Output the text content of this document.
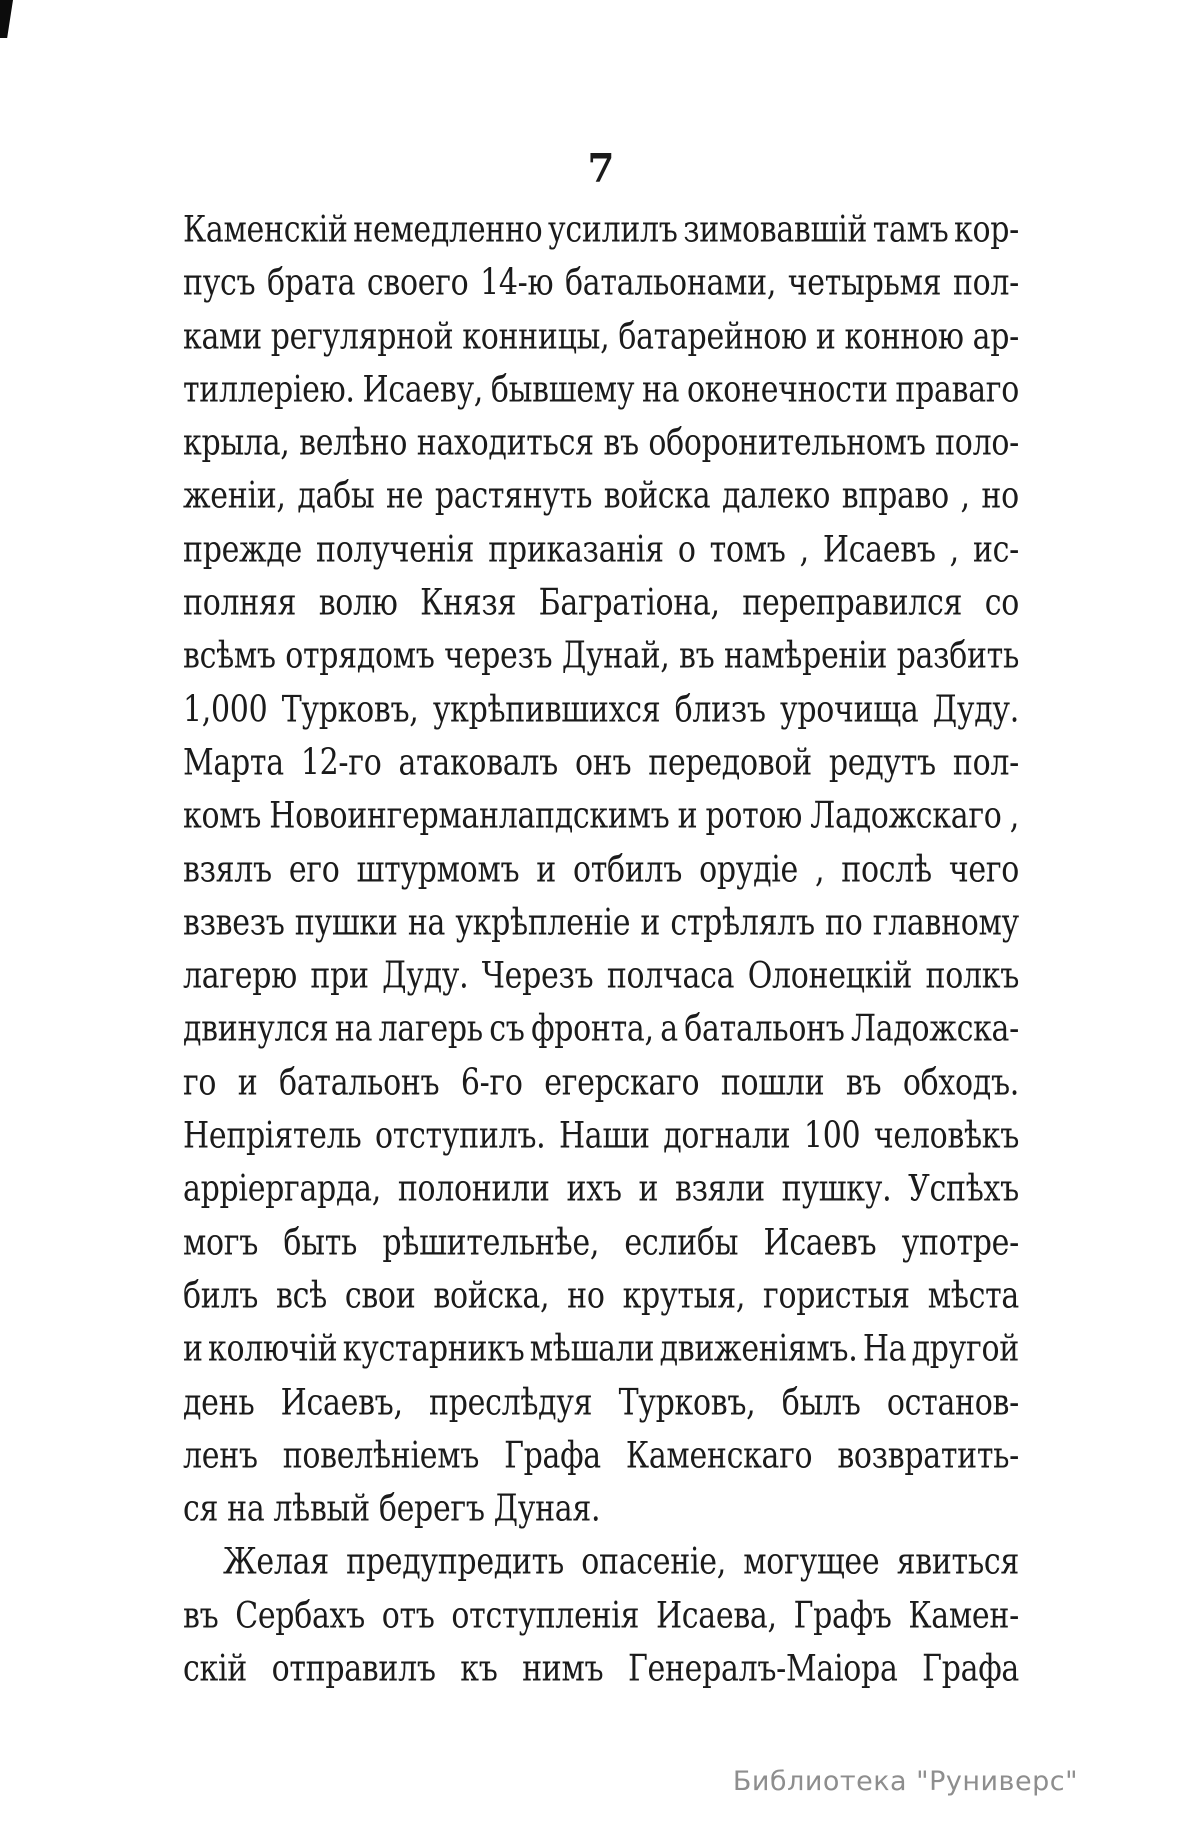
7
Каменскій немедленно усилилъ зимовавшій тамъ кор-
пусъ брата своего 14-ю батальонами, четырьмя пол-
ками регулярной конницы, батарейною и конною ар-
тиллеріею. Исаеву, бывшему на оконечности праваго
крыла, велѣно находиться въ оборонительномъ поло-
женіи, дабы не растянуть войска далеко вправо , но
прежде полученія приказанія о томъ , Исаевъ , ис-
полняя волю Князя Багратіона, переправился со
всѣмъ отрядомъ черезъ Дунай, въ намѣреніи разбить
1,000 Турковъ, укрѣпившихся близъ урочища Дуду.
Марта 12-го атаковалъ онъ передовой редутъ пол-
комъ Новоингерманлапдскимъ и ротою Ладожскаго ,
взялъ его штурмомъ и отбилъ орудіе , послѣ чего
взвезъ пушки на укрѣпленіе и стрѣлялъ по главному
лагерю при Дуду. Черезъ полчаса Олонецкій полкъ
двинулся на лагерь съ фронта, а батальонъ Ладожска-
го и батальонъ 6-го егерскаго пошли въ обходъ.
Непріятель отступилъ. Наши догнали 100 человѣкъ
арріергарда, полонили ихъ и взяли пушку. Успѣхъ
могъ быть рѣшительнѣе, еслибы Исаевъ употре-
билъ всѣ свои войска, но крутыя, гористыя мѣста
и колючій кустарникъ мѣшали движеніямъ. На другой
день Исаевъ, преслѣдуя Турковъ, былъ останов-
ленъ повелѣніемъ Графа Каменскаго возвратить-
ся на лѣвый берегъ Дуная.
Желая предупредить опасеніе, могущее явиться
въ Сербахъ отъ отступленія Исаева, Графъ Камен-
скій отправилъ къ нимъ Генералъ-Маіора Графа
Библиотека "Руниверс"
